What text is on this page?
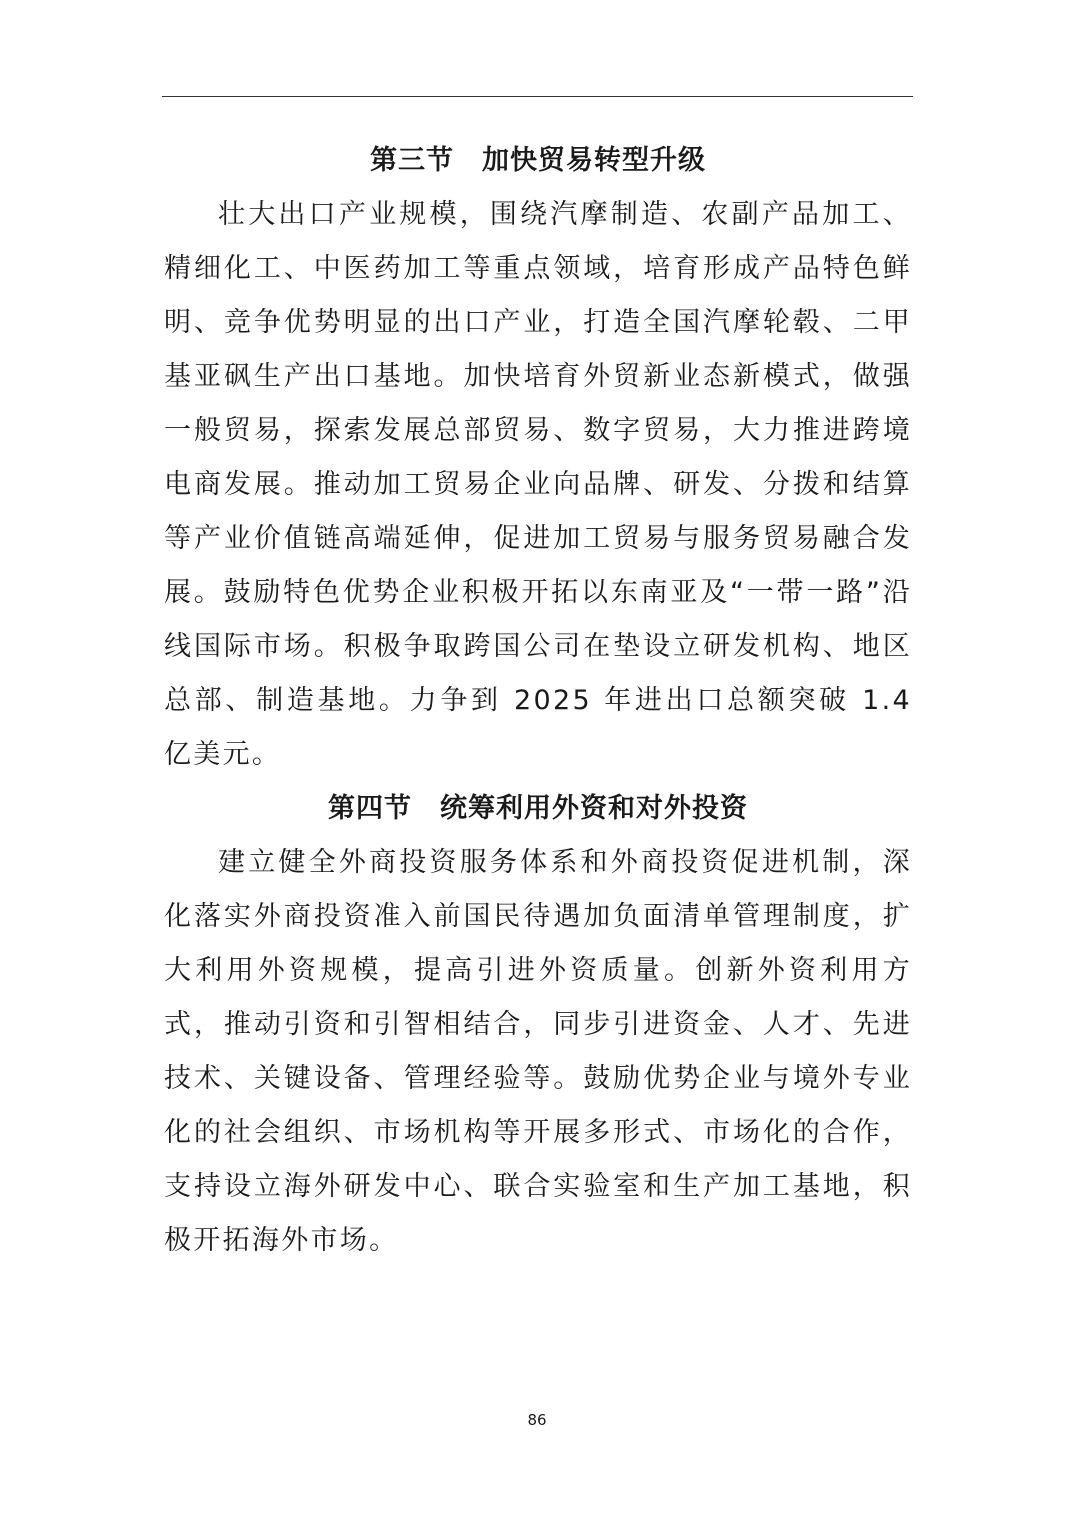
第三节　加快贸易转型升级

壮大出口产业规模，围绕汽摩制造、农副产品加工、精细化工、中医药加工等重点领域，培育形成产品特色鲜明、竞争优势明显的出口产业，打造全国汽摩轮毂、二甲基亚砜生产出口基地。加快培育外贸新业态新模式，做强一般贸易，探索发展总部贸易、数字贸易，大力推进跨境电商发展。推动加工贸易企业向品牌、研发、分拨和结算等产业价值链高端延伸，促进加工贸易与服务贸易融合发展。鼓励特色优势企业积极开拓以东南亚及“一带一路”沿线国际市场。积极争取跨国公司在垫设立研发机构、地区总部、制造基地。力争到 2025 年进出口总额突破 1.4 亿美元。

第四节　统筹利用外资和对外投资

建立健全外商投资服务体系和外商投资促进机制，深化落实外商投资准入前国民待遇加负面清单管理制度，扩大利用外资规模，提高引进外资质量。创新外资利用方式，推动引资和引智相结合，同步引进资金、人才、先进技术、关键设备、管理经验等。鼓励优势企业与境外专业化的社会组织、市场机构等开展多形式、市场化的合作，支持设立海外研发中心、联合实验室和生产加工基地，积极开拓海外市场。

86
